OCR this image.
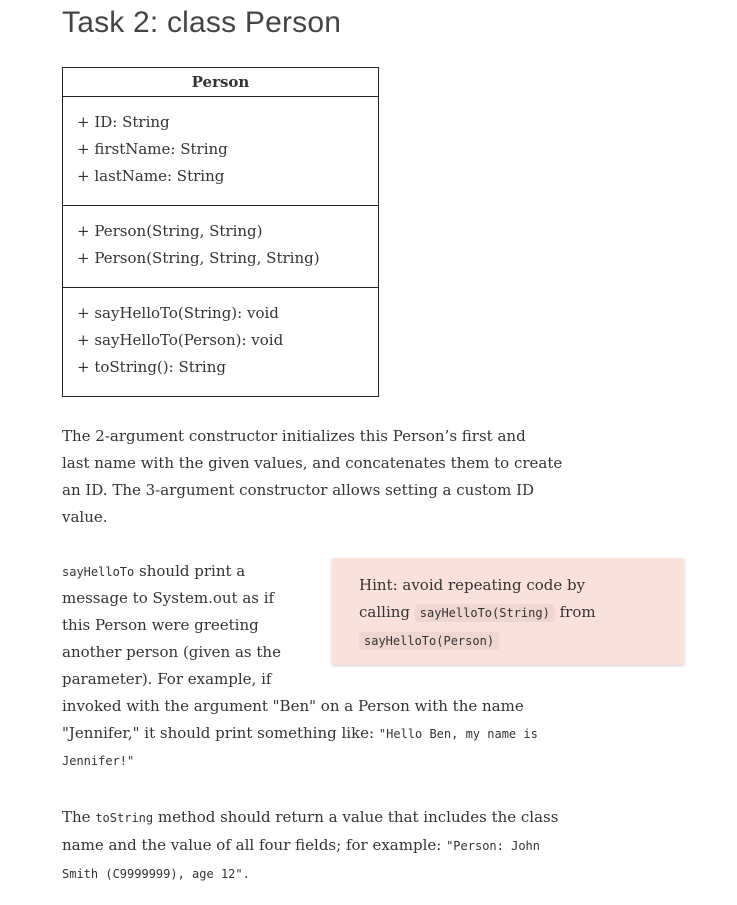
Task 2: class Person
Person
+ ID: String
+ firstName: String
+ lastName: String
+ Person(String, String)
+ Person(String, String, String)
+ sayHelloTo(String): void
+ sayHelloTo(Person): void
+ toString(): String
The 2-argument constructor initializes this Person’s first and
last name with the given values, and concatenates them to create
an ID. The 3-argument constructor allows setting a custom ID
value.
sayHelloTo should print a
message to System.out as if
this Person were greeting
another person (given as the
parameter). For example, if
invoked with the argument "Ben" on a Person with the name
"Jennifer," it should print something like: "Hello Ben, my name is
Jennifer!"
Hint: avoid repeating code by
calling sayHelloTo(String) from
sayHelloTo(Person)
The toString method should return a value that includes the class
name and the value of all four fields; for example: "Person: John
Smith (C9999999), age 12".
